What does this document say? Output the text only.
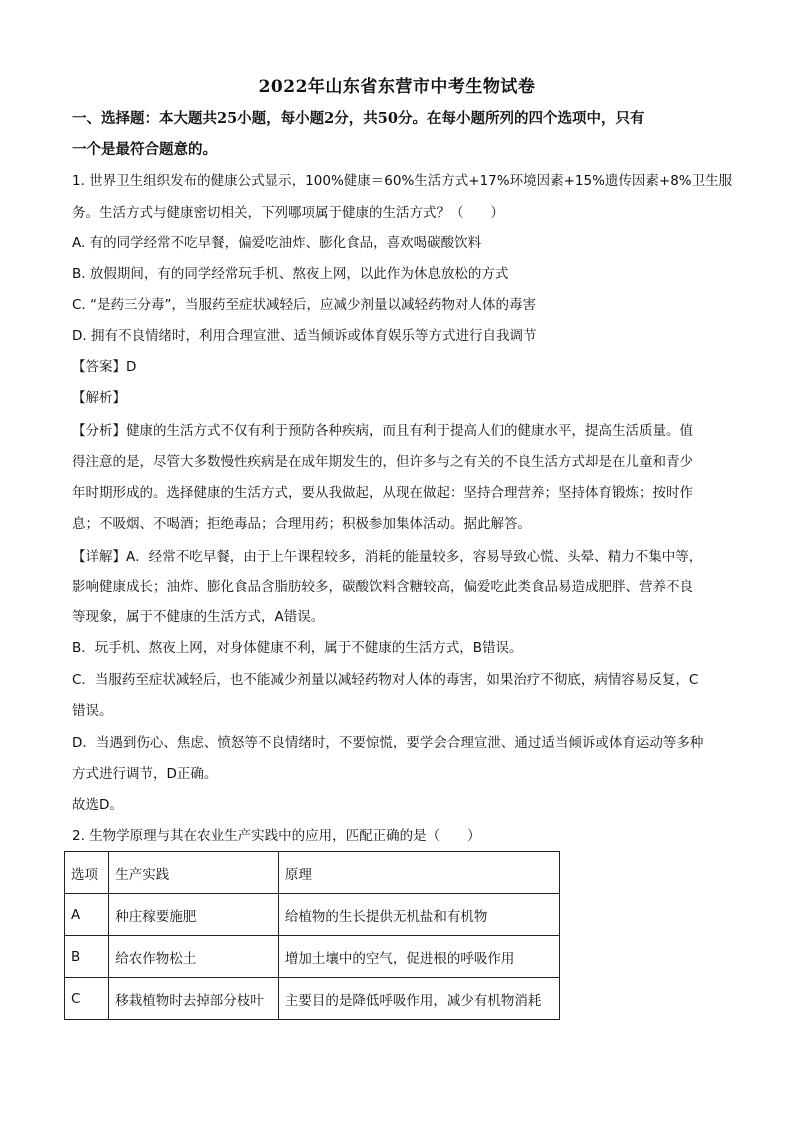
2022年山东省东营市中考生物试卷
一、选择题：本大题共25小题，每小题2分，共50分。在每小题所列的四个选项中，只有
一个是最符合题意的。
1. 世界卫生组织发布的健康公式显示，100%健康＝60%生活方式+17%环境因素+15%遗传因素+8%卫生服
务。生活方式与健康密切相关，下列哪项属于健康的生活方式？（　　）
A. 有的同学经常不吃早餐，偏爱吃油炸、膨化食品，喜欢喝碳酸饮料
B. 放假期间，有的同学经常玩手机、熬夜上网，以此作为休息放松的方式
C. “是药三分毒”，当服药至症状减轻后，应减少剂量以减轻药物对人体的毒害
D. 拥有不良情绪时，利用合理宣泄、适当倾诉或体育娱乐等方式进行自我调节
【答案】D
【解析】
【分析】健康的生活方式不仅有利于预防各种疾病，而且有利于提高人们的健康水平，提高生活质量。值
得注意的是，尽管大多数慢性疾病是在成年期发生的，但许多与之有关的不良生活方式却是在儿童和青少
年时期形成的。选择健康的生活方式，要从我做起，从现在做起：坚持合理营养；坚持体育锻炼；按时作
息；不吸烟、不喝酒；拒绝毒品；合理用药；积极参加集体活动。据此解答。
【详解】A．经常不吃早餐，由于上午课程较多，消耗的能量较多，容易导致心慌、头晕、精力不集中等，
影响健康成长；油炸、膨化食品含脂肪较多，碳酸饮料含糖较高，偏爱吃此类食品易造成肥胖、营养不良
等现象，属于不健康的生活方式，A错误。
B．玩手机、熬夜上网，对身体健康不利，属于不健康的生活方式，B错误。
C．当服药至症状减轻后，也不能减少剂量以减轻药物对人体的毒害，如果治疗不彻底，病情容易反复，C
错误。
D．当遇到伤心、焦虑、愤怒等不良情绪时，不要惊慌，要学会合理宣泄、通过适当倾诉或体育运动等多种
方式进行调节，D正确。
故选D。
2. 生物学原理与其在农业生产实践中的应用，匹配正确的是（　　）
选项	生产实践	原理
A	种庄稼要施肥	给植物的生长提供无机盐和有机物
B	给农作物松土	增加土壤中的空气，促进根的呼吸作用
C	移栽植物时去掉部分枝叶	主要目的是降低呼吸作用，减少有机物消耗
